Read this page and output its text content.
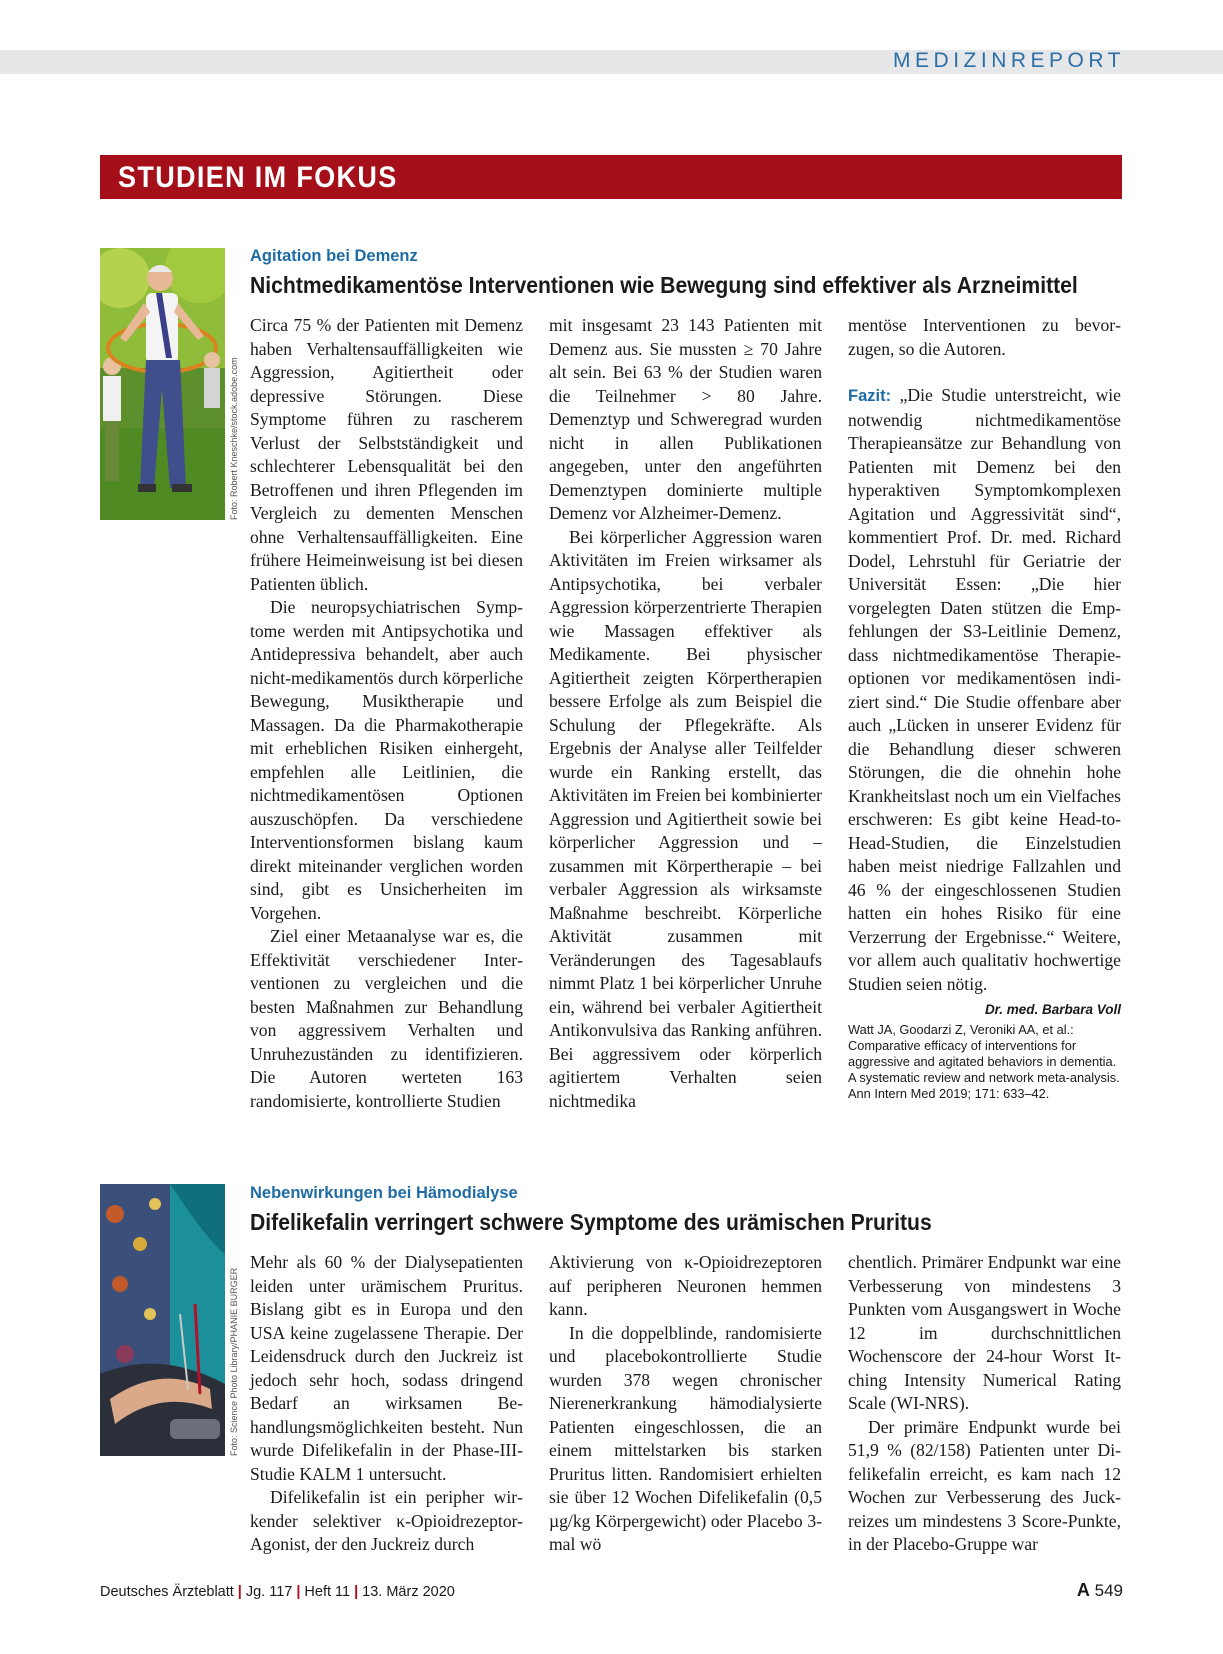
MEDIZINREPORT
STUDIEN IM FOKUS
Foto: Robert Kneschke/stock.adobe.com
Agitation bei Demenz
Nichtmedikamentöse Interventionen wie Bewegung sind effektiver als Arzneimittel

Circa 75 % der Patienten mit Demenz haben Verhaltensauffälligkeiten wie Aggression, Agitiertheit oder depressive Störungen. Diese Symptome führen zu rascherem Verlust der Selbstständigkeit und schlechterer Lebensqualität bei den Betroffenen und ihren Pflegenden im Vergleich zu dementen Menschen ohne Verhaltensauffälligkeiten. Eine frühere Heimeinweisung ist bei diesen Patienten üblich.

Die neuropsychiatrischen Symptome werden mit Antipsychotika und Antidepressiva behandelt, aber auch nicht-medikamentös durch körperliche Bewegung, Musiktherapie und Massagen. Da die Pharmakotherapie mit erheblichen Risiken einhergeht, empfehlen alle Leitlinien, die nichtmedikamentösen Optionen auszuschöpfen. Da verschiedene Interventionsformen bislang kaum direkt miteinander verglichen worden sind, gibt es Unsicherheiten im Vorgehen.

Ziel einer Metaanalyse war es, die Effektivität verschiedener Interventionen zu vergleichen und die besten Maßnahmen zur Behandlung von aggressivem Verhalten und Unruhezuständen zu identifizieren. Die Autoren werteten 163 randomisierte, kontrollierte Studien

mit insgesamt 23 143 Patienten mit Demenz aus. Sie mussten ≥ 70 Jahre alt sein. Bei 63 % der Studien waren die Teilnehmer > 80 Jahre. Demenztyp und Schweregrad wurden nicht in allen Publikationen angegeben, unter den angeführten Demenztypen dominierte multiple Demenz vor Alzheimer-Demenz.

Bei körperlicher Aggression waren Aktivitäten im Freien wirksamer als Antipsychotika, bei verbaler Aggression körperzentrierte Therapien wie Massagen effektiver als Medikamente. Bei physischer Agitiertheit zeigten Körpertherapien bessere Erfolge als zum Beispiel die Schulung der Pflegekräfte. Als Ergebnis der Analyse aller Teilfelder wurde ein Ranking erstellt, das Aktivitäten im Freien bei kombinierter Aggression und Agitiertheit sowie bei körperlicher Aggression und – zusammen mit Körpertherapie – bei verbaler Aggression als wirksamste Maßnahme beschreibt. Körperliche Aktivität zusammen mit Veränderungen des Tagesablaufs nimmt Platz 1 bei körperlicher Unruhe ein, während bei verbaler Agitiertheit Antikonvulsiva das Ranking anführen. Bei aggressivem oder körperlich agitiertem Verhalten seien nichtmedika

mentöse Interventionen zu bevorzugen, so die Autoren.

Fazit: „Die Studie unterstreicht, wie notwendig nichtmedikamentöse Therapieansätze zur Behandlung von Patienten mit Demenz bei den hyperaktiven Symptomkomplexen Agitation und Aggressivität sind“, kommentiert Prof. Dr. med. Richard Dodel, Lehrstuhl für Geriatrie der Universität Essen: „Die hier vorgelegten Daten stützen die Empfehlungen der S3-Leitlinie Demenz, dass nichtmedikamentöse Therapieoptionen vor medikamentösen indiziert sind.“ Die Studie offenbare aber auch „Lücken in unserer Evidenz für die Behandlung dieser schweren Störungen, die die ohnehin hohe Krankheitslast noch um ein Vielfaches erschweren: Es gibt keine Head-to-Head-Studien, die Einzelstudien haben meist niedrige Fallzahlen und 46 % der eingeschlossenen Studien hatten ein hohes Risiko für eine Verzerrung der Ergebnisse.“ Weitere, vor allem auch qualitativ hochwertige Studien seien nötig.
Dr. med. Barbara Voll

Watt JA, Goodarzi Z, Veroniki AA, et al.: Comparative efficacy of interventions for aggressive and agitated behaviors in dementia. A systematic review and network meta-analysis. Ann Intern Med 2019; 171: 633–42.

Foto: Science Photo Library/PHANIE BURGER
Nebenwirkungen bei Hämodialyse
Difelikefalin verringert schwere Symptome des urämischen Pruritus

Mehr als 60 % der Dialysepatienten leiden unter urämischem Pruritus. Bislang gibt es in Europa und den USA keine zugelassene Therapie. Der Leidensdruck durch den Juckreiz ist jedoch sehr hoch, sodass dringend Bedarf an wirksamen Behandlungsmöglichkeiten besteht. Nun wurde Difelikefalin in der Phase-III-Studie KALM 1 untersucht.

Difelikefalin ist ein peripher wirkender selektiver κ-Opioidrezeptor-Agonist, der den Juckreiz durch

Aktivierung von κ-Opioidrezeptoren auf peripheren Neuronen hemmen kann.

In die doppelblinde, randomisierte und placebokontrollierte Studie wurden 378 wegen chronischer Nierenerkrankung hämodialysierte Patienten eingeschlossen, die an einem mittelstarken bis starken Pruritus litten. Randomisiert erhielten sie über 12 Wochen Difelikefalin (0,5 µg/kg Körpergewicht) oder Placebo 3-mal wö

chentlich. Primärer Endpunkt war eine Verbesserung von mindestens 3 Punkten vom Ausgangswert in Woche 12 im durchschnittlichen Wochenscore der 24-hour Worst Itching Intensity Numerical Rating Scale (WI-NRS).

Der primäre Endpunkt wurde bei 51,9 % (82/158) Patienten unter Difelikefalin erreicht, es kam nach 12 Wochen zur Verbesserung des Juckreizes um mindestens 3 Score-Punkte, in der Placebo-Gruppe war

Deutsches Ärzteblatt | Jg. 117 | Heft 11 | 13. März 2020	A 549
